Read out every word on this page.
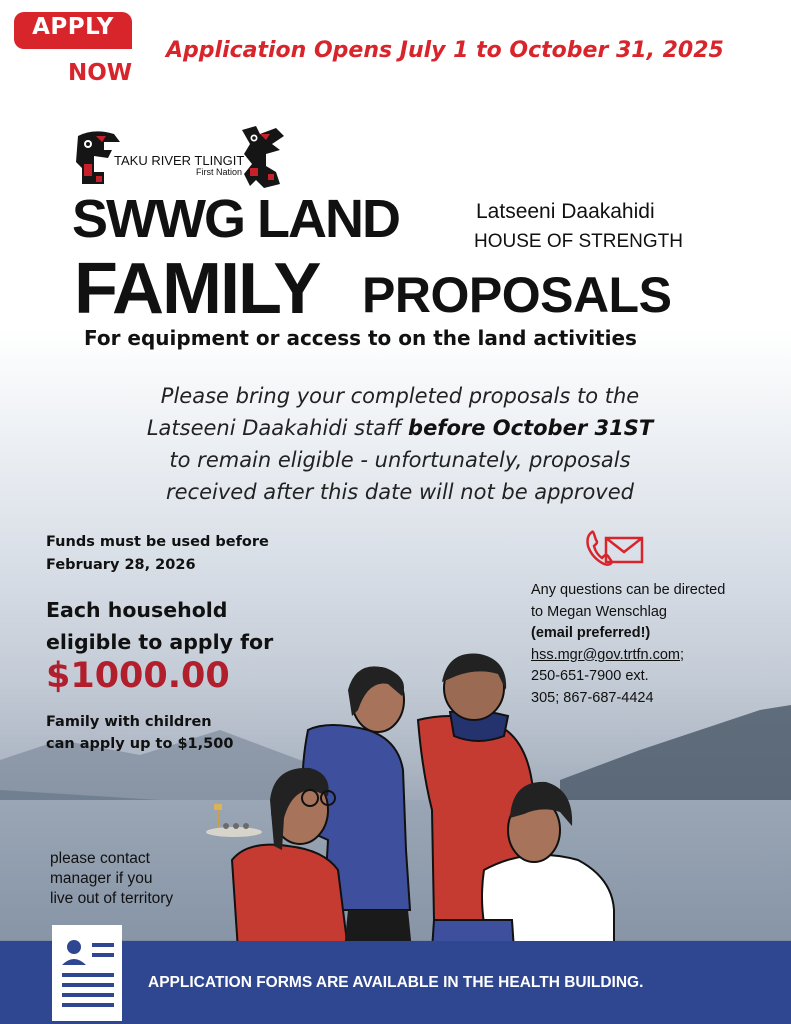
APPLY
NOW
Application Opens July 1 to October 31, 2025
TAKU RIVER TLINGIT
First Nation
SWWG LAND	Latseeni Daakahidi
HOUSE OF STRENGTH
FAMILY PROPOSALS
For equipment or access to on the land activities
Please bring your completed proposals to the
Latseeni Daakahidi staff before October 31ST
to remain eligible - unfortunately, proposals
received after this date will not be approved
Funds must be used before
February 28, 2026
Each household
eligible to apply for
$1000.00
Family with children
can apply up to $1,500
Any questions can be directed
to Megan Wenschlag
(email preferred!)
hss.mgr@gov.trtfn.com;
250-651-7900 ext.
305; 867-687-4424
please contact
manager if you
live out of territory
APPLICATION FORMS ARE AVAILABLE IN THE HEALTH BUILDING.
